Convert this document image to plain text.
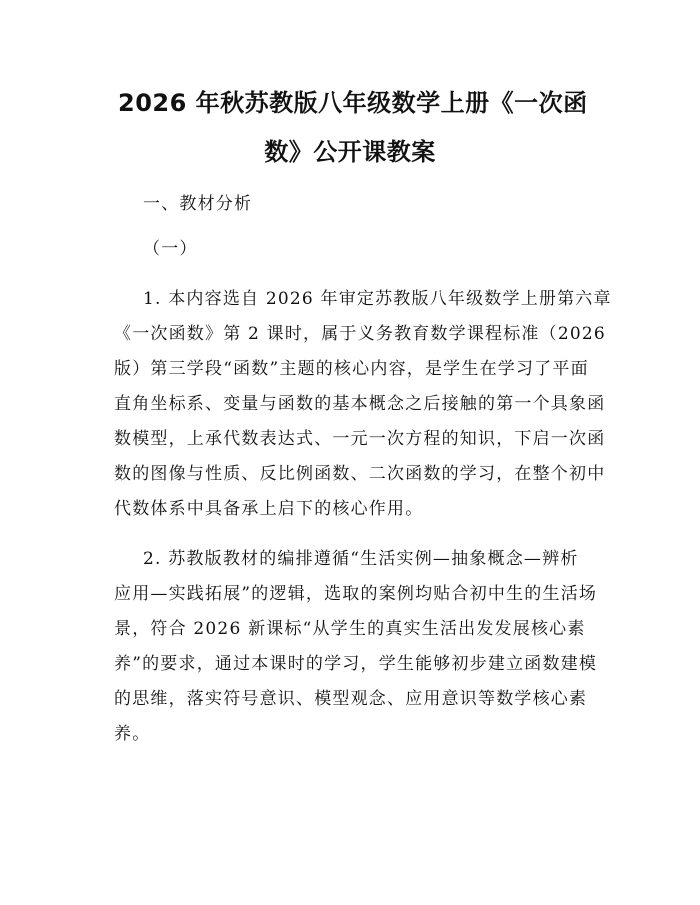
2026 年秋苏教版八年级数学上册《一次函
数》公开课教案
一、教材分析
（一）
1. 本内容选自 2026 年审定苏教版八年级数学上册第六章
《一次函数》第 2 课时，属于义务教育数学课程标准（2026
版）第三学段“函数”主题的核心内容，是学生在学习了平面
直角坐标系、变量与函数的基本概念之后接触的第一个具象函
数模型，上承代数表达式、一元一次方程的知识，下启一次函
数的图像与性质、反比例函数、二次函数的学习，在整个初中
代数体系中具备承上启下的核心作用。
2. 苏教版教材的编排遵循“生活实例—抽象概念—辨析
应用—实践拓展”的逻辑，选取的案例均贴合初中生的生活场
景，符合 2026 新课标“从学生的真实生活出发发展核心素
养”的要求，通过本课时的学习，学生能够初步建立函数建模
的思维，落实符号意识、模型观念、应用意识等数学核心素
养。
